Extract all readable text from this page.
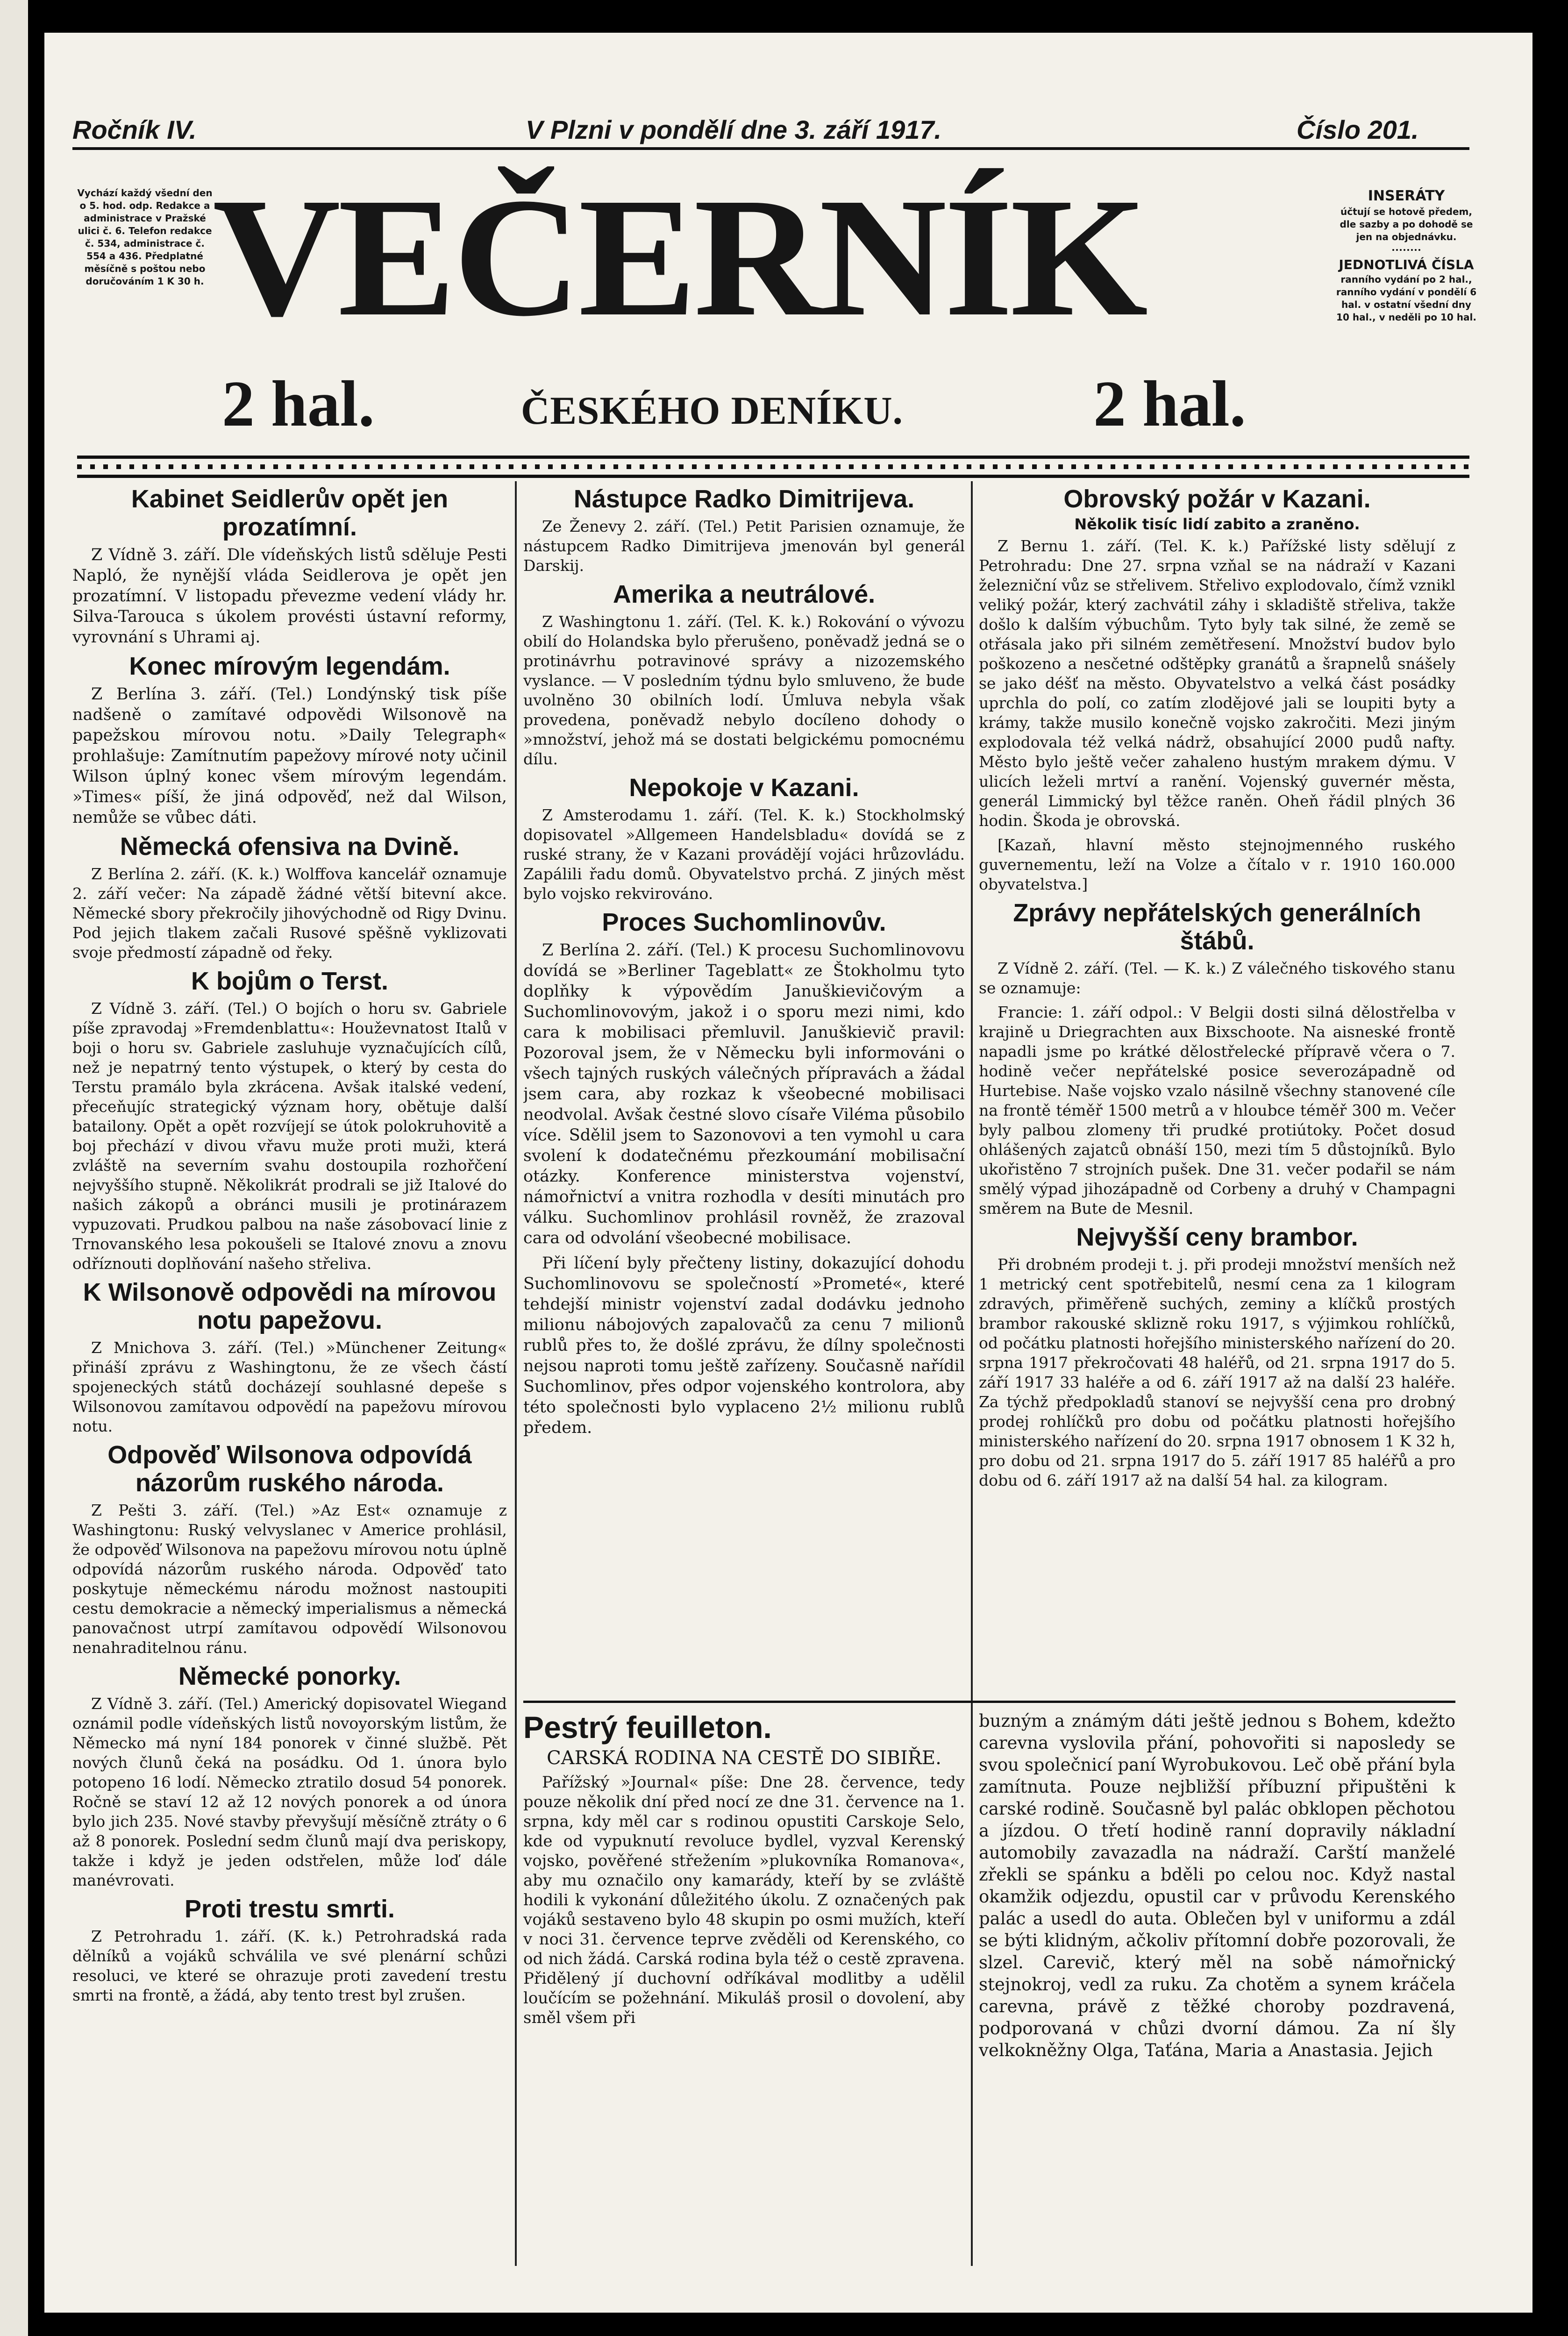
Ročník IV.	V Plzni v pondělí dne 3. září 1917.	Číslo 201.
Vychází každý všední den o 5. hod. odp. Redakce a administrace v Pražské ulici č. 6. Telefon redakce č. 534, administrace č. 554 a 436. Předplatné měsíčně s poštou nebo doručováním 1 K 30 h. VEČERNÍK	INSERÁTY
účtují se hotově předem, dle sazby a po dohodě se jen na objednávku.
JEDNOTLIVÁ ČÍSLA
ranního vydání po 2 hal., ranního vydání v pondělí 6 hal. v ostatní všední dny 10 hal., v neděli po 10 hal.
2 hal.	ČESKÉHO DENÍKU.	2 hal.
Kabinet Seidlerův opět jen prozatímní.

Z Vídně 3. září. Dle vídeňských listů sděluje Pesti Napló, že nynější vláda Seidlerova je opět jen prozatímní. V listopadu převezme vedení vlády hr. Silva-Tarouca s úkolem provésti ústavní reformy, vyrovnání s Uhrami aj.

Konec mírovým legendám.

Z Berlína 3. září. (Tel.) Londýnský tisk píše nadšeně o zamítavé odpovědi Wilsonově na papežskou mírovou notu. »Daily Telegraph« prohlašuje: Zamítnutím papežovy mírové noty učinil Wilson úplný konec všem mírovým legendám. »Times« píší, že jiná odpověď, než dal Wilson, nemůže se vůbec dáti.

Německá ofensiva na Dvině.

Z Berlína 2. září. (K. k.) Wolffova kancelář oznamuje 2. září večer: Na západě žádné větší bitevní akce. Německé sbory překročily jihovýchodně od Rigy Dvinu. Pod jejich tlakem začali Rusové spěšně vyklizovati svoje předmostí západně od řeky.

K bojům o Terst.

Z Vídně 3. září. (Tel.) O bojích o horu sv. Gabriele píše zpravodaj »Fremdenblattu«: Houževnatost Italů v boji o horu sv. Gabriele zasluhuje vyznačujících cílů, než je nepatrný tento výstupek, o který by cesta do Terstu pramálo byla zkrácena. Avšak italské vedení, přeceňujíc strategický význam hory, obětuje další batailony. Opět a opět rozvíjejí se útok polokruhovitě a boj přechází v divou vřavu muže proti muži, která zvláště na severním svahu dostoupila rozhořčení nejvyššího stupně. Několikrát prodrali se již Italové do našich zákopů a obránci musili je protinárazem vypuzovati. Prudkou palbou na naše zásobovací linie z Trnovanského lesa pokoušeli se Italové znovu a znovu odříznouti doplňování našeho střeliva.

K Wilsonově odpovědi na mírovou notu papežovu.

Z Mnichova 3. září. (Tel.) »Münchener Zeitung« přináší zprávu z Washingtonu, že ze všech částí spojeneckých států docházejí souhlasné depeše s Wilsonovou zamítavou odpovědí na papežovu mírovou notu.

Odpověď Wilsonova odpovídá názorům ruského národa.

Z Pešti 3. září. (Tel.) »Az Est« oznamuje z Washingtonu: Ruský velvyslanec v Americe prohlásil, že odpověď Wilsonova na papežovu mírovou notu úplně odpovídá názorům ruského národa. Odpověď tato poskytuje německému národu možnost nastoupiti cestu demokracie a německý imperialismus a německá panovačnost utrpí zamítavou odpovědí Wilsonovou nenahraditelnou ránu.

Německé ponorky.

Z Vídně 3. září. (Tel.) Americký dopisovatel Wiegand oznámil podle vídeňských listů novoyorským listům, že Německo má nyní 184 ponorek v činné službě. Pět nových člunů čeká na posádku. Od 1. února bylo potopeno 16 lodí. Německo ztratilo dosud 54 ponorek. Ročně se staví 12 až 12 nových ponorek a od února bylo jich 235. Nové stavby převyšují měsíčně ztráty o 6 až 8 ponorek. Poslední sedm člunů mají dva periskopy, takže i když je jeden odstřelen, může loď dále manévrovati.

Proti trestu smrti.

Z Petrohradu 1. září. (K. k.) Petrohradská rada dělníků a vojáků schválila ve své plenární schůzi resoluci, ve které se ohrazuje proti zavedení trestu smrti na frontě, a žádá, aby tento trest byl zrušen.

Nástupce Radko Dimitrijeva.

Ze Ženevy 2. září. (Tel.) Petit Parisien oznamuje, že nástupcem Radko Dimitrijeva jmenován byl generál Darskij.

Amerika a neutrálové.

Z Washingtonu 1. září. (Tel. K. k.) Rokování o vývozu obilí do Holandska bylo přerušeno, poněvadž jedná se o protinávrhu potravinové správy a nizozemského vyslance. — V posledním týdnu bylo smluveno, že bude uvolněno 30 obilních lodí. Úmluva nebyla však provedena, poněvadž nebylo docíleno dohody o »množství, jehož má se dostati belgickému pomocnému dílu.

Nepokoje v Kazani.

Z Amsterodamu 1. září. (Tel. K. k.) Stockholmský dopisovatel »Allgemeen Handelsbladu« dovídá se z ruské strany, že v Kazani provádějí vojáci hrůzovládu. Zapálili řadu domů. Obyvatelstvo prchá. Z jiných měst bylo vojsko rekvirováno.

Proces Suchomlinovův.

Z Berlína 2. září. (Tel.) K procesu Suchomlinovovu dovídá se »Berliner Tageblatt« ze Štokholmu tyto doplňky k výpovědím Januškievičovým a Suchomlinovovým, jakož i o sporu mezi nimi, kdo cara k mobilisaci přemluvil. Januškievič pravil: Pozoroval jsem, že v Německu byli informováni o všech tajných ruských válečných přípravách a žádal jsem cara, aby rozkaz k všeobecné mobilisaci neodvolal. Avšak čestné slovo císaře Viléma působilo více. Sdělil jsem to Sazonovovi a ten vymohl u cara svolení k dodatečnému přezkoumání mobilisační otázky. Konference ministerstva vojenství, námořnictví a vnitra rozhodla v desíti minutách pro válku. Suchomlinov prohlásil rovněž, že zrazoval cara od odvolání všeobecné mobilisace.

Při líčení byly přečteny listiny, dokazující dohodu Suchomlinovovu se společností »Prometé«, které tehdejší ministr vojenství zadal dodávku jednoho milionu nábojových zapalovačů za cenu 7 milionů rublů přes to, že došlé zprávu, že dílny společnosti nejsou naproti tomu ještě zařízeny. Současně nařídil Suchomlinov, přes odpor vojenského kontrolora, aby této společnosti bylo vyplaceno 2½ milionu rublů předem.

Obrovský požár v Kazani.
Několik tisíc lidí zabito a zraněno.

Z Bernu 1. září. (Tel. K. k.) Pařížské listy sdělují z Petrohradu: Dne 27. srpna vzňal se na nádraží v Kazani železniční vůz se střelivem. Střelivo explodovalo, čímž vznikl veliký požár, který zachvátil záhy i skladiště střeliva, takže došlo k dalším výbuchům. Tyto byly tak silné, že země se otřásala jako při silném zemětřesení. Množství budov bylo poškozeno a nesčetné odštěpky granátů a šrapnelů snášely se jako déšť na město. Obyvatelstvo a velká část posádky uprchla do polí, co zatím zlodějové jali se loupiti byty a krámy, takže musilo konečně vojsko zakročiti. Mezi jiným explodovala též velká nádrž, obsahující 2000 pudů nafty. Město bylo ještě večer zahaleno hustým mrakem dýmu. V ulicích leželi mrtví a ranění. Vojenský guvernér města, generál Limmický byl těžce raněn. Oheň řádil plných 36 hodin. Škoda je obrovská.

[Kazaň, hlavní město stejnojmenného ruského guvernementu, leží na Volze a čítalo v r. 1910 160.000 obyvatelstva.]

Zprávy nepřátelských generálních štábů.

Z Vídně 2. září. (Tel. — K. k.) Z válečného tiskového stanu se oznamuje:

Francie: 1. září odpol.: V Belgii dosti silná dělostřelba v krajině u Driegrachten aux Bixschoote. Na aisneské frontě napadli jsme po krátké dělostřelecké přípravě včera o 7. hodině večer nepřátelské posice severozápadně od Hurtebise. Naše vojsko vzalo násilně všechny stanovené cíle na frontě téměř 1500 metrů a v hloubce téměř 300 m. Večer byly palbou zlomeny tři prudké protiútoky. Počet dosud ohlášených zajatců obnáší 150, mezi tím 5 důstojníků. Bylo ukořistěno 7 strojních pušek. Dne 31. večer podařil se nám smělý výpad jihozápadně od Corbeny a druhý v Champagni směrem na Bute de Mesnil.

Nejvyšší ceny brambor.

Při drobném prodeji t. j. při prodeji množství menších než 1 metrický cent spotřebitelů, nesmí cena za 1 kilogram zdravých, přiměřeně suchých, zeminy a klíčků prostých brambor rakouské sklizně roku 1917, s výjimkou rohlíčků, od počátku platnosti hořejšího ministerského nařízení do 20. srpna 1917 překročovati 48 haléřů, od 21. srpna 1917 do 5. září 1917 33 haléře a od 6. září 1917 až na další 23 haléře. Za týchž předpokladů stanoví se nejvyšší cena pro drobný prodej rohlíčků pro dobu od počátku platnosti hořejšího ministerského nařízení do 20. srpna 1917 obnosem 1 K 32 h, pro dobu od 21. srpna 1917 do 5. září 1917 85 haléřů a pro dobu od 6. září 1917 až na další 54 hal. za kilogram.

Pestrý feuilleton.
CARSKÁ RODINA NA CESTĚ DO SIBIŘE.

Pařížský »Journal« píše: Dne 28. července, tedy pouze několik dní před nocí ze dne 31. července na 1. srpna, kdy měl car s rodinou opustiti Carskoje Selo, kde od vypuknutí revoluce bydlel, vyzval Kerenský vojsko, pověřené střežením »plukovníka Romanova«, aby mu označilo ony kamarády, kteří by se zvláště hodili k vykonání důležitého úkolu. Z označených pak vojáků sestaveno bylo 48 skupin po osmi mužích, kteří v noci 31. července teprve zvěděli od Kerenského, co od nich žádá. Carská rodina byla též o cestě zpravena. Přidělený jí duchovní odříkával modlitby a udělil loučícím se požehnání. Mikuláš prosil o dovolení, aby směl všem při

buzným a známým dáti ještě jednou s Bohem, kdežto carevna vyslovila přání, pohovořiti si naposledy se svou společnicí paní Wyrobukovou. Leč obě přání byla zamítnuta. Pouze nejbližší příbuzní připuštěni k carské rodině. Současně byl palác obklopen pěchotou a jízdou. O třetí hodině ranní dopravily nákladní automobily zavazadla na nádraží. Carští manželé zřekli se spánku a bděli po celou noc. Když nastal okamžik odjezdu, opustil car v průvodu Kerenského palác a usedl do auta. Oblečen byl v uniformu a zdál se býti klidným, ačkoliv přítomní dobře pozorovali, že slzel. Carevič, který měl na sobě námořnický stejnokroj, vedl za ruku. Za chotěm a synem kráčela carevna, právě z těžké choroby pozdravená, podporovaná v chůzi dvorní dámou. Za ní šly velkokněžny Olga, Taťána, Maria a Anastasia. Jejich
